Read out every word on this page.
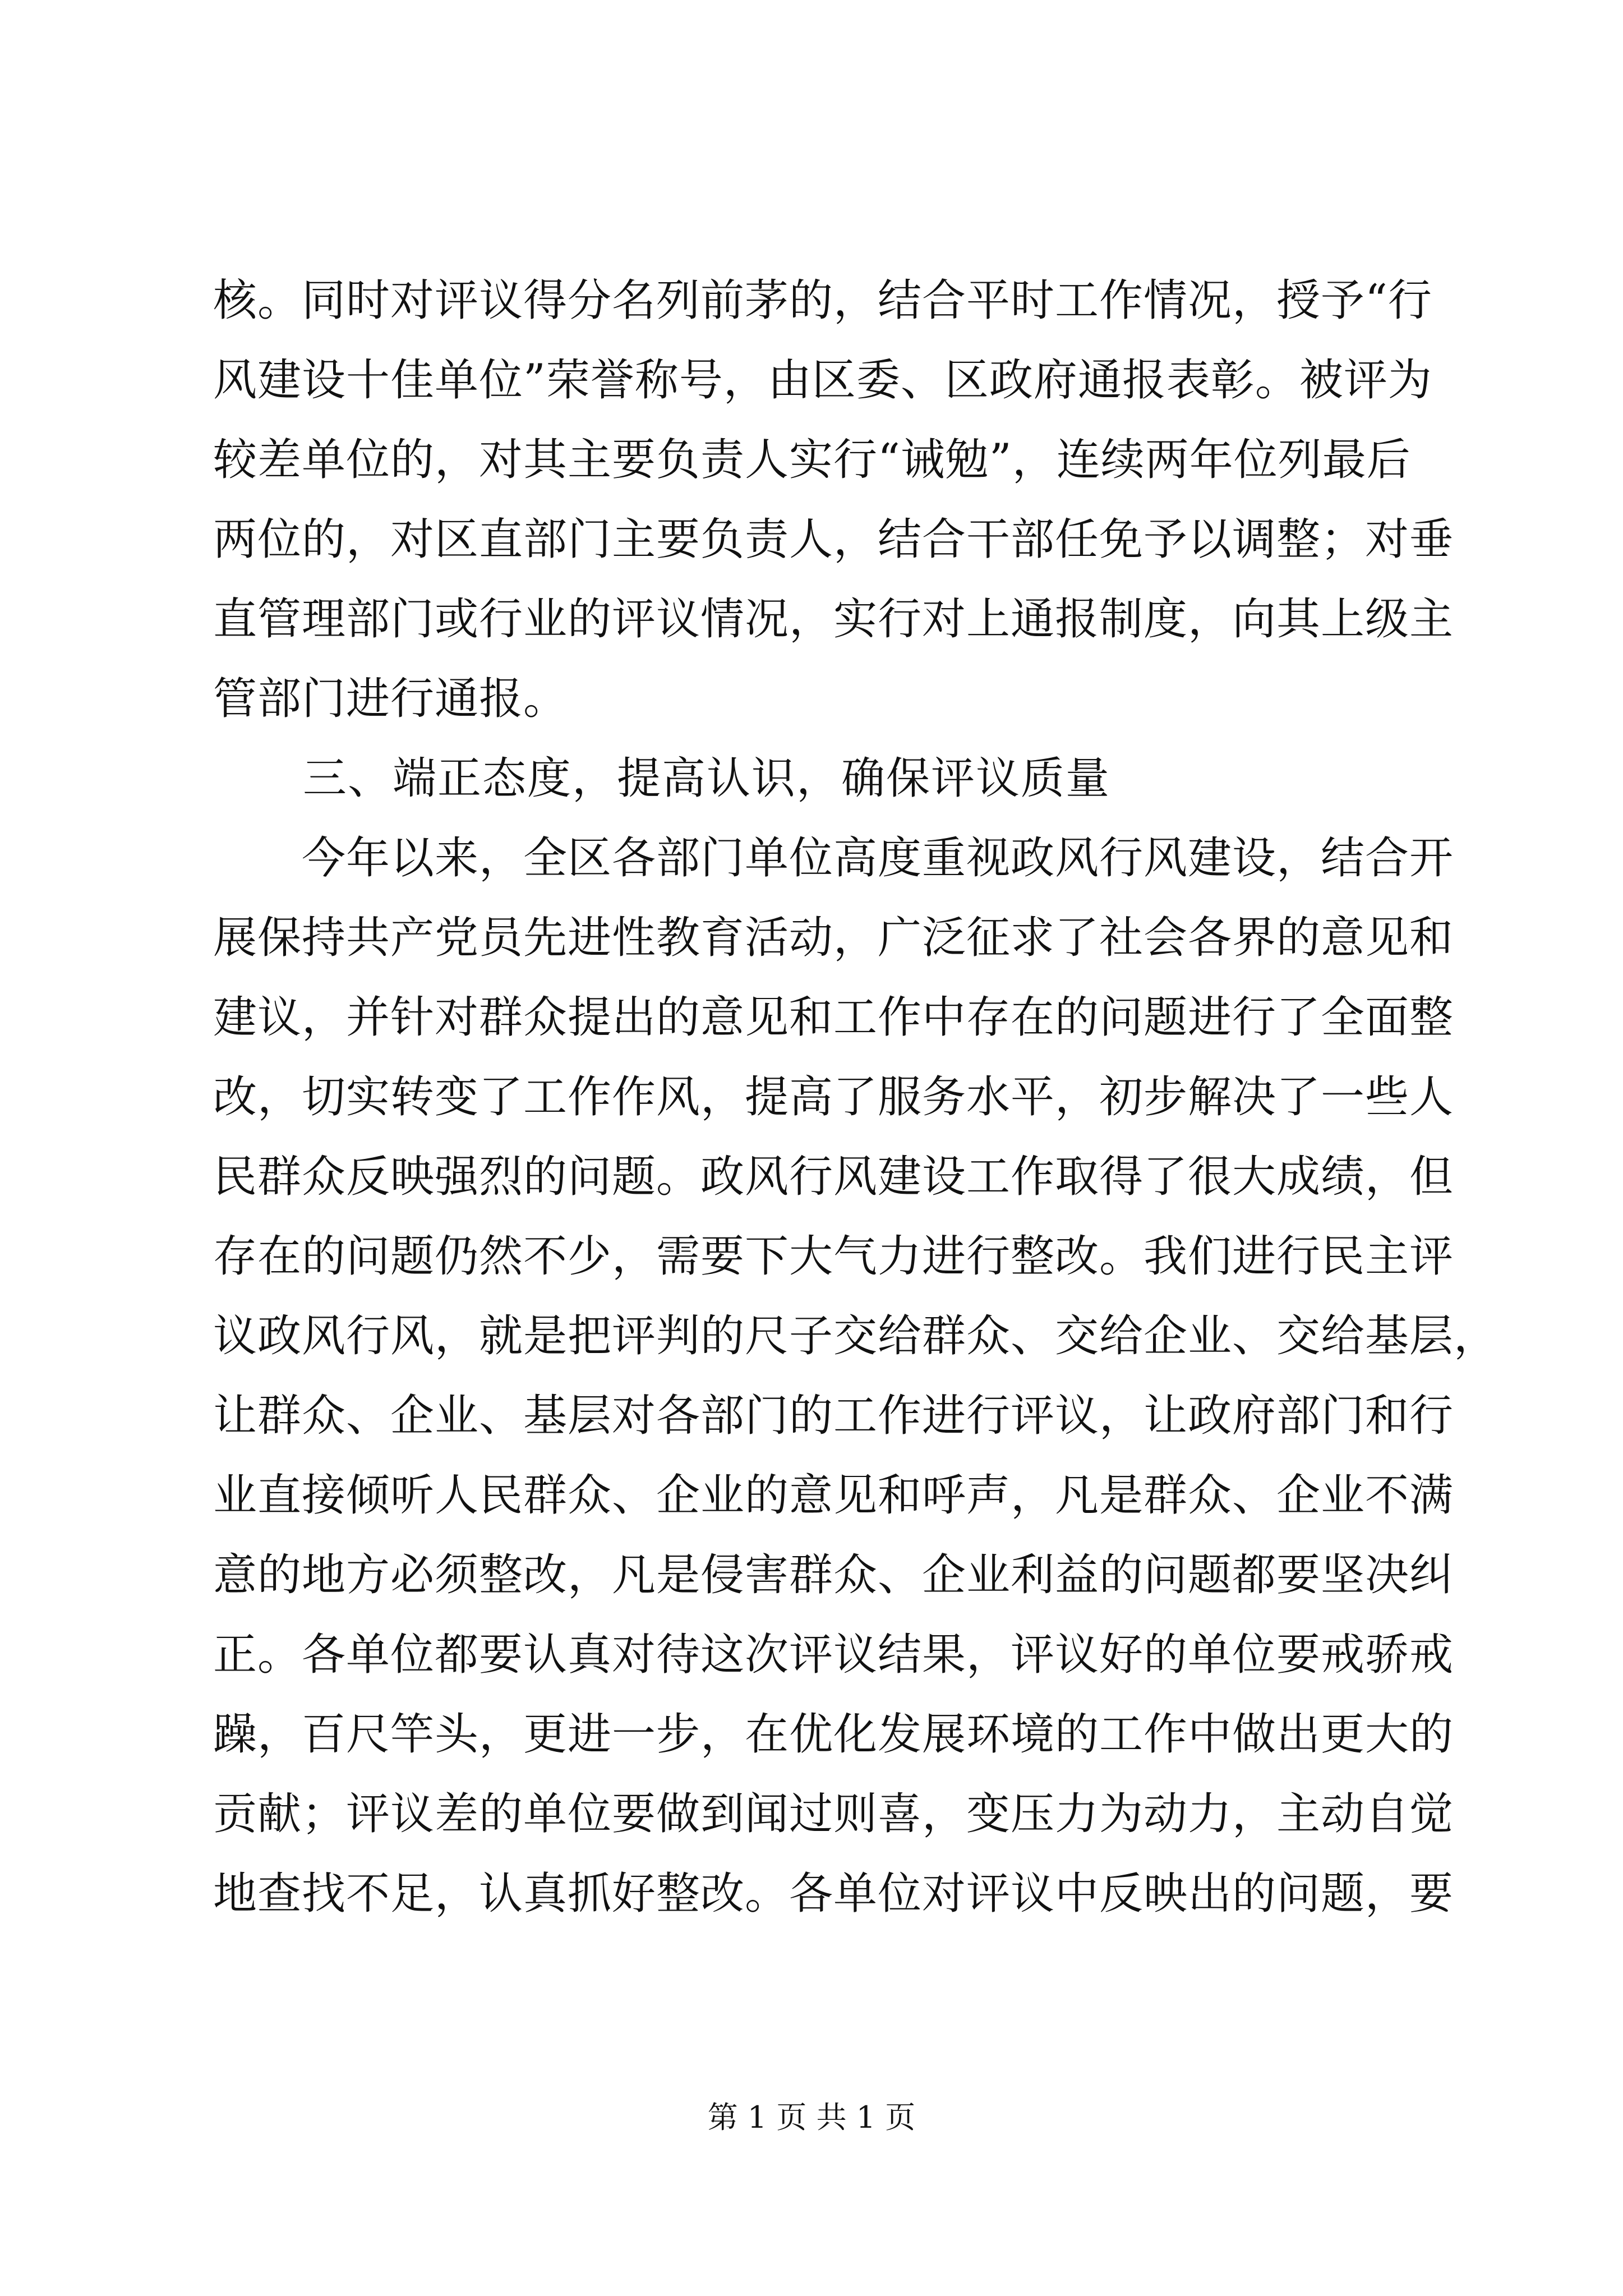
核。同时对评议得分名列前茅的，结合平时工作情况，授予“行
风建设十佳单位”荣誉称号，由区委、区政府通报表彰。被评为
较差单位的，对其主要负责人实行“诫勉”，连续两年位列最后
两位的，对区直部门主要负责人，结合干部任免予以调整；对垂
直管理部门或行业的评议情况，实行对上通报制度，向其上级主
管部门进行通报。
　　三、端正态度，提高认识，确保评议质量
　　今年以来，全区各部门单位高度重视政风行风建设，结合开
展保持共产党员先进性教育活动，广泛征求了社会各界的意见和
建议，并针对群众提出的意见和工作中存在的问题进行了全面整
改，切实转变了工作作风，提高了服务水平，初步解决了一些人
民群众反映强烈的问题。政风行风建设工作取得了很大成绩，但
存在的问题仍然不少，需要下大气力进行整改。我们进行民主评
议政风行风，就是把评判的尺子交给群众、交给企业、交给基层，
让群众、企业、基层对各部门的工作进行评议，让政府部门和行
业直接倾听人民群众、企业的意见和呼声，凡是群众、企业不满
意的地方必须整改，凡是侵害群众、企业利益的问题都要坚决纠
正。各单位都要认真对待这次评议结果，评议好的单位要戒骄戒
躁，百尺竿头，更进一步，在优化发展环境的工作中做出更大的
贡献；评议差的单位要做到闻过则喜，变压力为动力，主动自觉
地查找不足，认真抓好整改。各单位对评议中反映出的问题，要
第 1 页 共 1 页
